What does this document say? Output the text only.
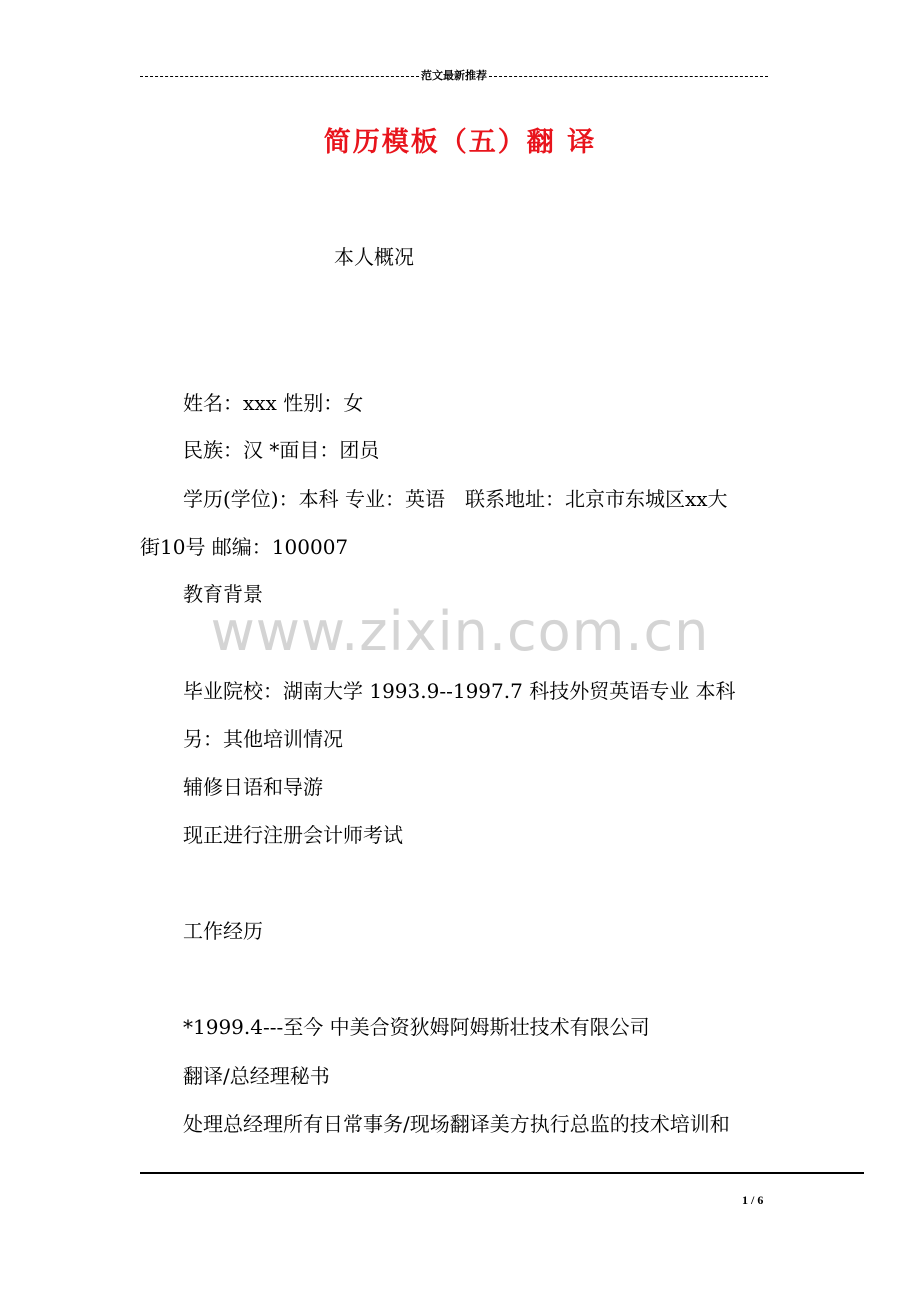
范文最新推荐
简历模板（五）翻 译
本人概况
姓名：xxx 性别：女
民族：汉 *面目：团员
学历(学位)：本科 专业：英语　联系地址：北京市东城区xx大
街10号 邮编：100007
教育背景
www.zixin.com.cn
毕业院校：湖南大学 1993.9--1997.7 科技外贸英语专业 本科
另：其他培训情况
辅修日语和导游
现正进行注册会计师考试
工作经历
*1999.4---至今 中美合资狄姆阿姆斯壮技术有限公司
翻译/总经理秘书
处理总经理所有日常事务/现场翻译美方执行总监的技术培训和
1 / 6
